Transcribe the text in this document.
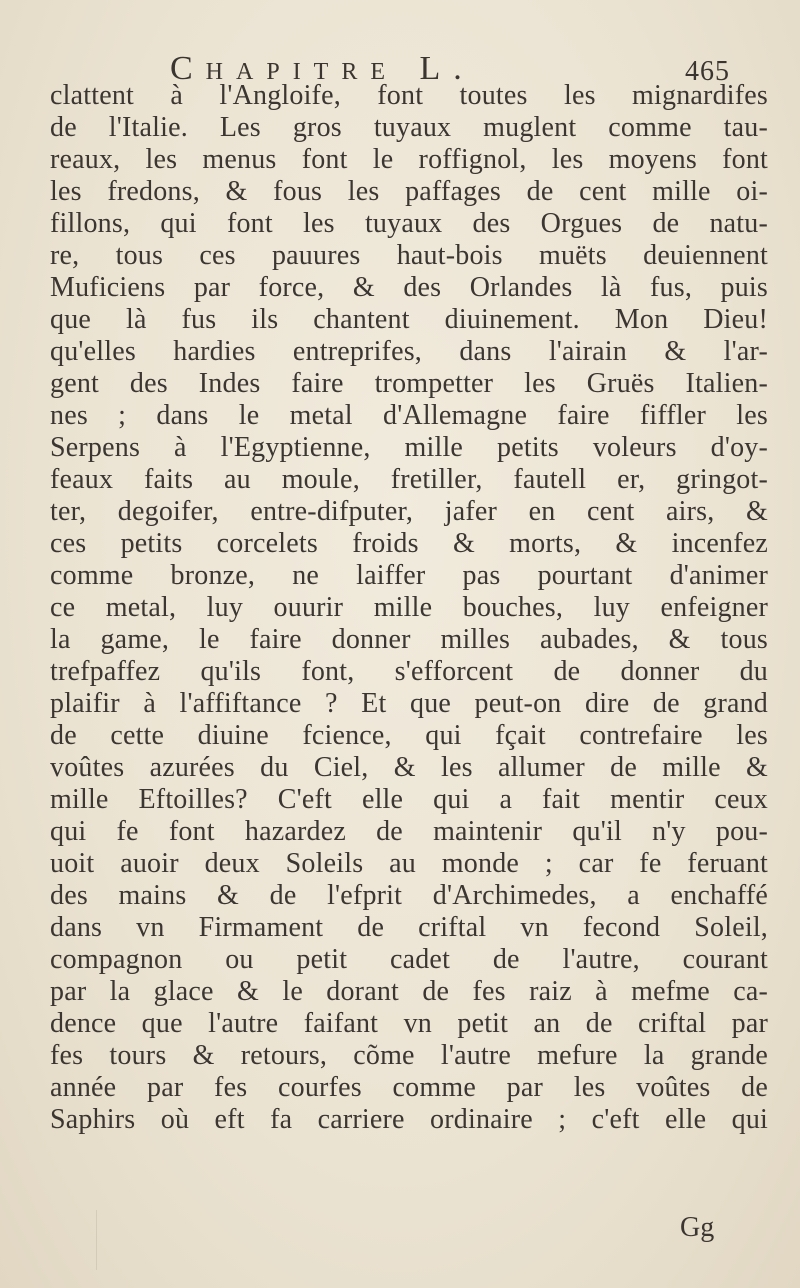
Chapitre L.	465
clattent à l'Angloife, font toutes les mignardifes
de l'Italie. Les gros tuyaux muglent comme tau-
reaux, les menus font le roffignol, les moyens font
les fredons, & fous les paffages de cent mille oi-
fillons, qui font les tuyaux des Orgues de natu-
re, tous ces pauures haut-bois muëts deuiennent
Muficiens par force, & des Orlandes là fus, puis
que là fus ils chantent diuinement. Mon Dieu!
qu'elles hardies entreprifes, dans l'airain & l'ar-
gent des Indes faire trompetter les Gruës Italien-
nes ; dans le metal d'Allemagne faire fiffler les
Serpens à l'Egyptienne, mille petits voleurs d'oy-
feaux faits au moule, fretiller, fautell er, gringot-
ter, degoifer, entre-difputer, jafer en cent airs, &
ces petits corcelets froids & morts, & incenfez
comme bronze, ne laiffer pas pourtant d'animer
ce metal, luy ouurir mille bouches, luy enfeigner
la game, le faire donner milles aubades, & tous
trefpaffez qu'ils font, s'efforcent de donner du
plaifir à l'affiftance ? Et que peut-on dire de grand
de cette diuine fcience, qui fçait contrefaire les
voûtes azurées du Ciel, & les allumer de mille &
mille Eftoilles? C'eft elle qui a fait mentir ceux
qui fe font hazardez de maintenir qu'il n'y pou-
uoit auoir deux Soleils au monde ; car fe feruant
des mains & de l'efprit d'Archimedes, a enchaffé
dans vn Firmament de criftal vn fecond Soleil,
compagnon ou petit cadet de l'autre, courant
par la glace & le dorant de fes raiz à mefme ca-
dence que l'autre faifant vn petit an de criftal par
fes tours & retours, cõme l'autre mefure la grande
année par fes courfes comme par les voûtes de
Saphirs où eft fa carriere ordinaire ; c'eft elle qui
Gg
